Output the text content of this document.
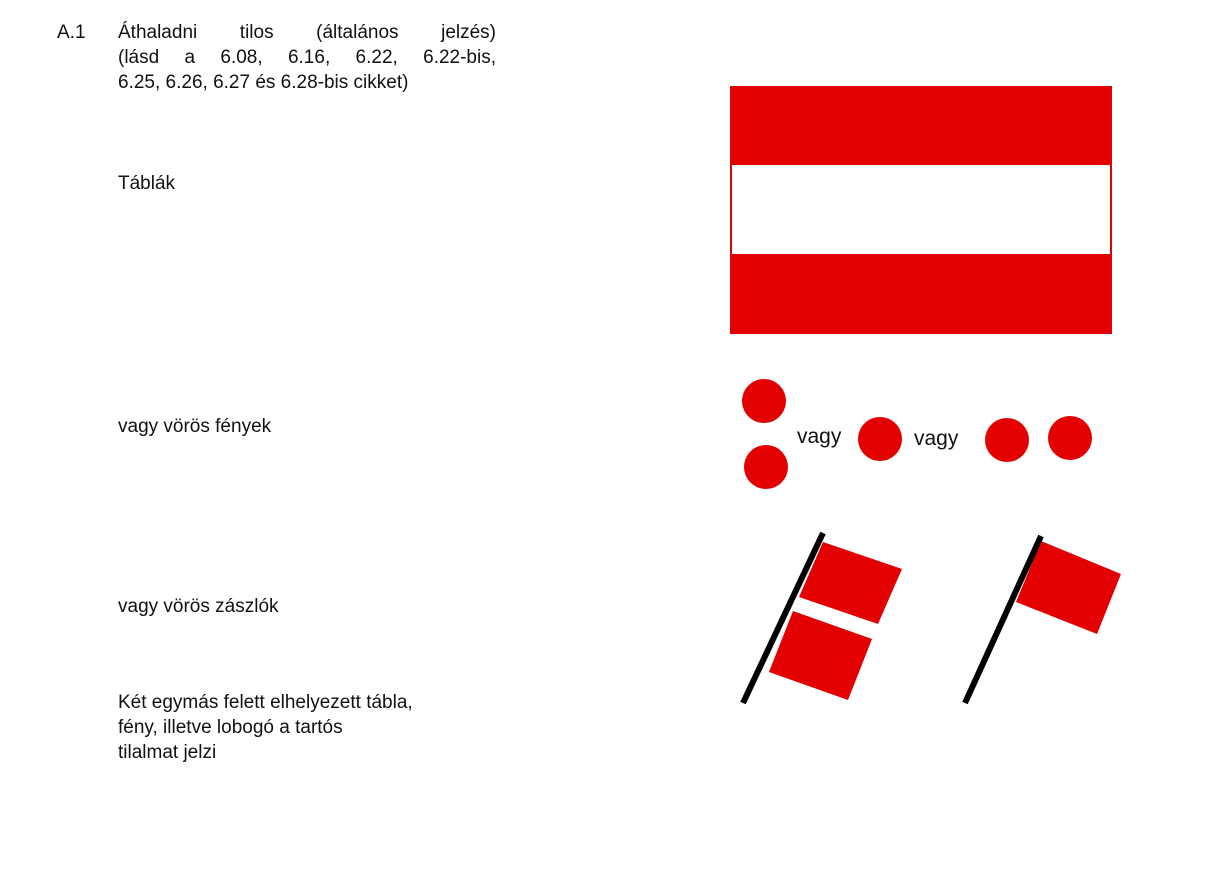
A.1 Áthaladni tilos (általános jelzés)
(lásd a 6.08, 6.16, 6.22, 6.22-bis,
6.25, 6.26, 6.27 és 6.28-bis cikket)
Táblák
vagy vörös fények
vagy vörös zászlók
Két egymás felett elhelyezett tábla,
fény, illetve lobogó a tartós
tilalmat jelzi
vagy	vagy
